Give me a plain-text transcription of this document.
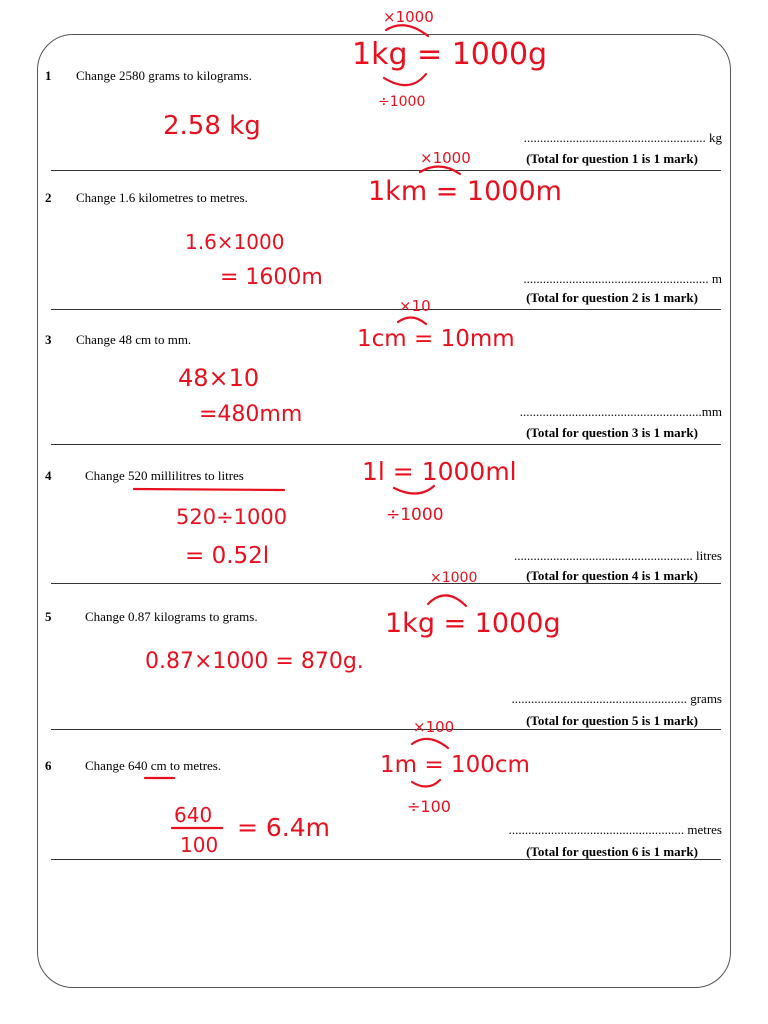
1 Change 2580 grams to kilograms.
........................................................ kg
(Total for question 1 is 1 mark)
2 Change 1.6 kilometres to metres.
......................................................... m
(Total for question 2 is 1 mark)
3 Change 48 cm to mm.
........................................................mm
(Total for question 3 is 1 mark)
4	Change 520 millilitres to litres
....................................................... litres
(Total for question 4 is 1 mark)
5	Change 0.87 kilograms to grams.
...................................................... grams
(Total for question 5 is 1 mark)
6	Change 640 cm to metres.
...................................................... metres
(Total for question 6 is 1 mark)
×1000
1kg = 1000g
÷1000
2.58 kg
×1000
1km = 1000m
1.6×1000
= 1600m
×10
1cm = 10mm
48×10
=480mm
1l = 1000ml
÷1000
520÷1000
= 0.52l
×1000
1kg = 1000g
0.87×1000 = 870g.
×100
1m = 100cm
÷100
640
100
= 6.4m
